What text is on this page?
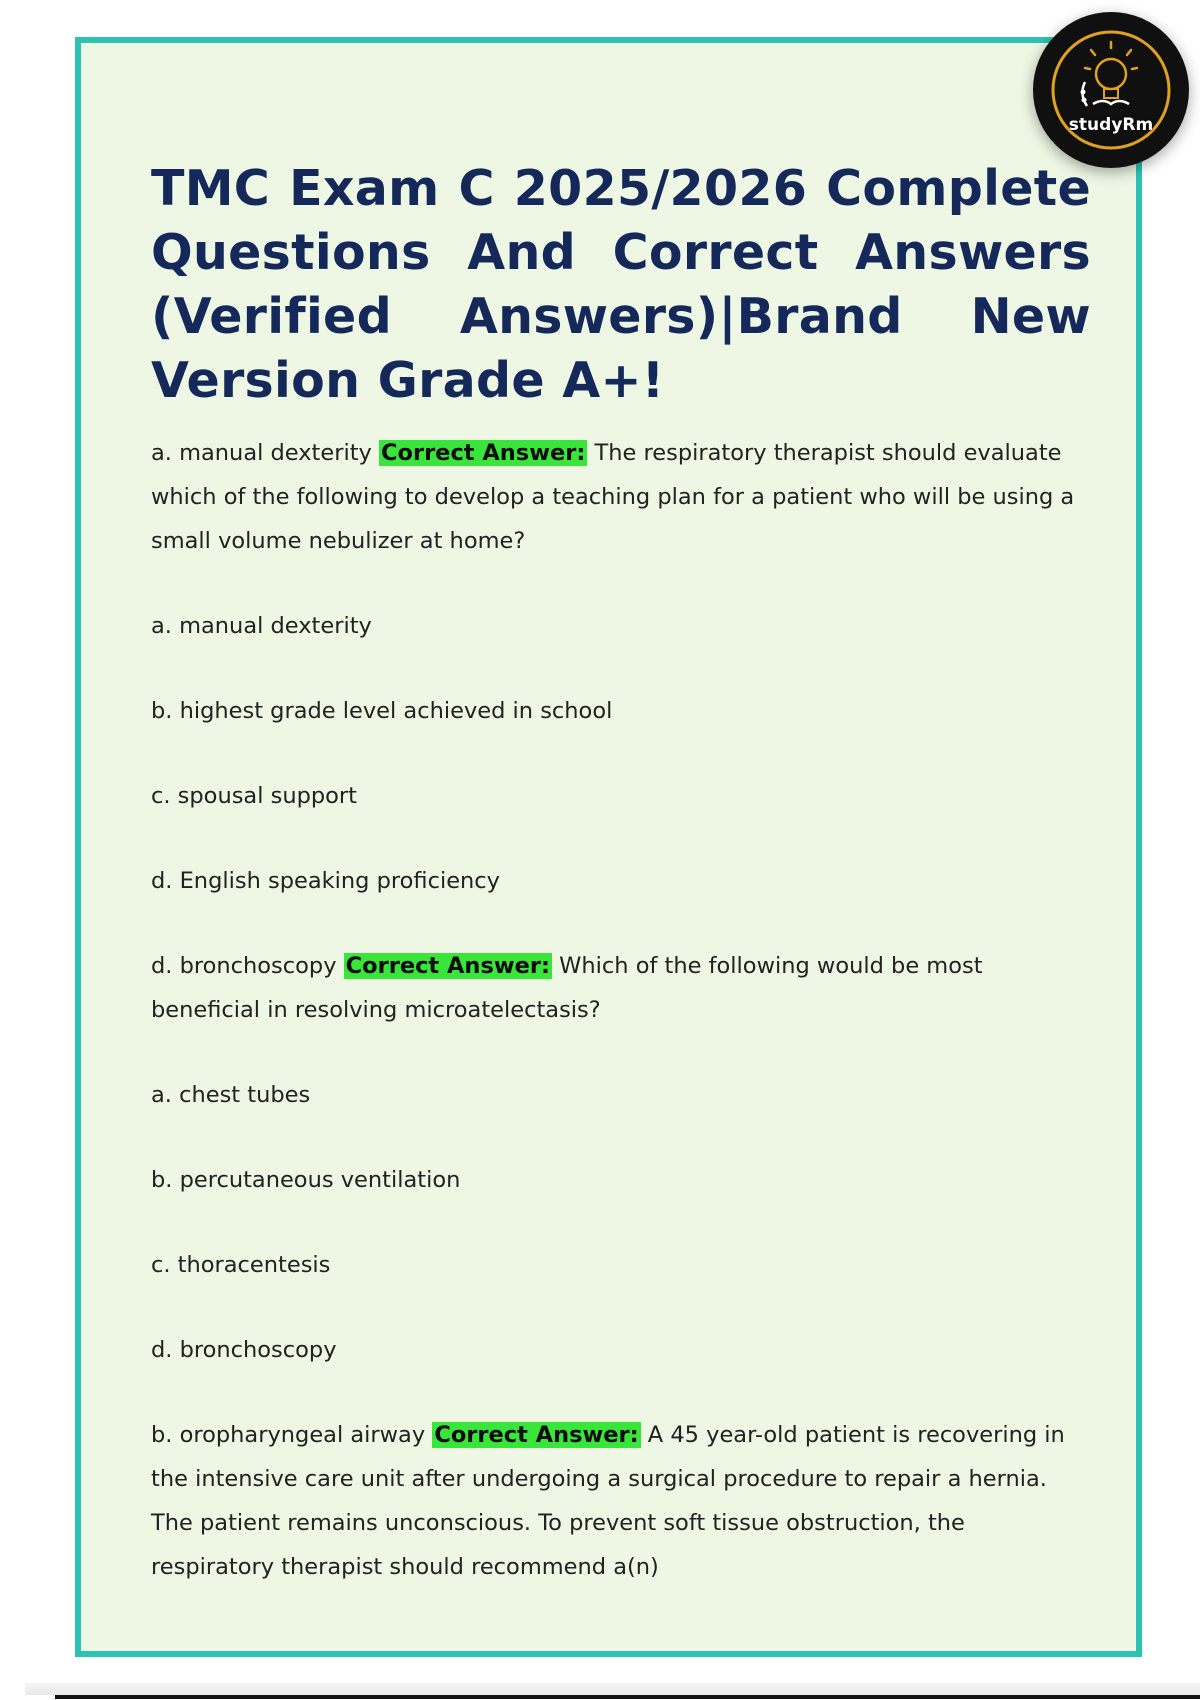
TMC Exam C 2025/2026 Complete Questions And Correct Answers (Verified Answers)|Brand New Version Grade A+!

a. manual dexterity Correct Answer: The respiratory therapist should evaluate which of the following to develop a teaching plan for a patient who will be using a small volume nebulizer at home?

a. manual dexterity

b. highest grade level achieved in school

c. spousal support

d. English speaking proficiency

d. bronchoscopy Correct Answer: Which of the following would be most beneficial in resolving microatelectasis?

a. chest tubes

b. percutaneous ventilation

c. thoracentesis

d. bronchoscopy

b. oropharyngeal airway Correct Answer: A 45 year-old patient is recovering in the intensive care unit after undergoing a surgical procedure to repair a hernia. The patient remains unconscious. To prevent soft tissue obstruction, the respiratory therapist should recommend a(n)

studyRm
